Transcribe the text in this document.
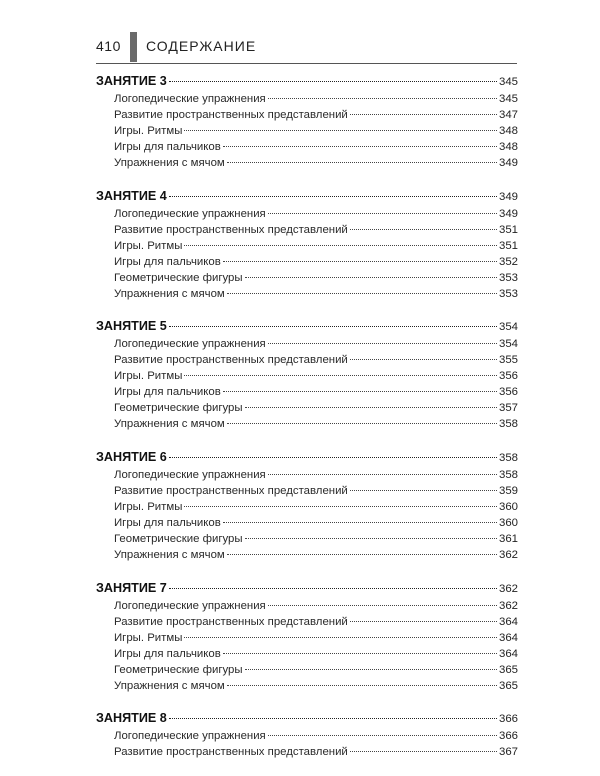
410 СОДЕРЖАНИЕ
ЗАНЯТИЕ 3	345
Логопедические упражнения	345
Развитие пространственных представлений	347
Игры. Ритмы	348
Игры для пальчиков	348
Упражнения с мячом	349
ЗАНЯТИЕ 4	349
Логопедические упражнения	349
Развитие пространственных представлений	351
Игры. Ритмы	351
Игры для пальчиков	352
Геометрические фигуры	353
Упражнения с мячом	353
ЗАНЯТИЕ 5	354
Логопедические упражнения	354
Развитие пространственных представлений	355
Игры. Ритмы	356
Игры для пальчиков	356
Геометрические фигуры	357
Упражнения с мячом	358
ЗАНЯТИЕ 6	358
Логопедические упражнения	358
Развитие пространственных представлений	359
Игры. Ритмы	360
Игры для пальчиков	360
Геометрические фигуры	361
Упражнения с мячом	362
ЗАНЯТИЕ 7	362
Логопедические упражнения	362
Развитие пространственных представлений	364
Игры. Ритмы	364
Игры для пальчиков	364
Геометрические фигуры	365
Упражнения с мячом	365
ЗАНЯТИЕ 8	366
Логопедические упражнения	366
Развитие пространственных представлений	367
